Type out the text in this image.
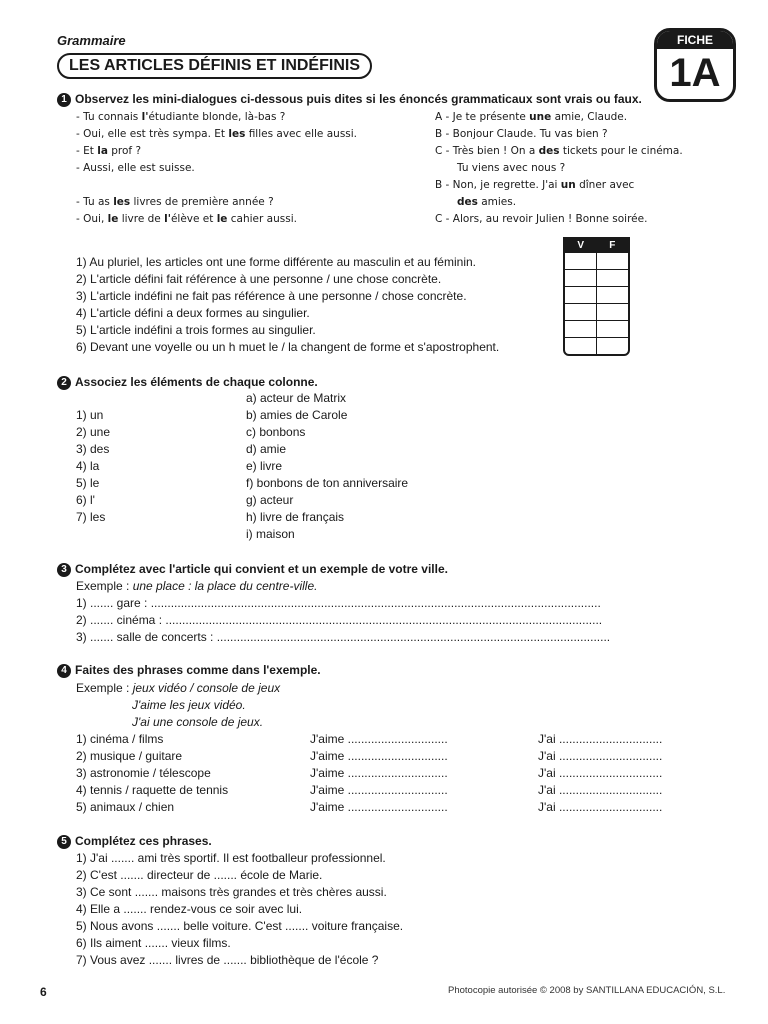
Grammaire
LES ARTICLES DÉFINIS ET INDÉFINIS
FICHE
1A
1 Observez les mini-dialogues ci-dessous puis dites si les énoncés grammaticaux sont vrais ou faux.
- Tu connais l'étudiante blonde, là-bas ?
- Oui, elle est très sympa. Et les filles avec elle aussi.
- Et la prof ?
- Aussi, elle est suisse.
- Tu as les livres de première année ?
- Oui, le livre de l'élève et le cahier aussi.
A - Je te présente une amie, Claude.
B - Bonjour Claude. Tu vas bien ?
C - Très bien ! On a des tickets pour le cinéma.
Tu viens avec nous ?
B - Non, je regrette. J'ai un dîner avec
des amies.
C - Alors, au revoir Julien ! Bonne soirée.
1) Au pluriel, les articles ont une forme différente au masculin et au féminin.
2) L'article défini fait référence à une personne / une chose concrète.
3) L'article indéfini ne fait pas référence à une personne / chose concrète.
4) L'article défini a deux formes au singulier.
5) L'article indéfini a trois formes au singulier.
6) Devant une voyelle ou un h muet le / la changent de forme et s'apostrophent.
V	F
2 Associez les éléments de chaque colonne.
1) un
2) une
3) des
4) la
5) le
6) l'
7) les
a) acteur de Matrix
b) amies de Carole
c) bonbons
d) amie
e) livre
f) bonbons de ton anniversaire
g) acteur
h) livre de français
i) maison
3 Complétez avec l'article qui convient et un exemple de votre ville.
Exemple : une place : la place du centre-ville.
1) ....... gare : .......................................................................................................................................
2) ....... cinéma : ...................................................................................................................................
3) ....... salle de concerts : ......................................................................................................................
4 Faites des phrases comme dans l'exemple.
Exemple : jeux vidéo / console de jeux
J'aime les jeux vidéo.
J'ai une console de jeux.
1) cinéma / films
2) musique / guitare
3) astronomie / télescope
4) tennis / raquette de tennis
5) animaux / chien
J'aime ..............................
J'aime ..............................
J'aime ..............................
J'aime ..............................
J'aime ..............................
J'ai ...............................
J'ai ...............................
J'ai ...............................
J'ai ...............................
J'ai ...............................
5 Complétez ces phrases.
1) J'ai ....... ami très sportif. Il est footballeur professionnel.
2) C'est ....... directeur de ....... école de Marie.
3) Ce sont ....... maisons très grandes et très chères aussi.
4) Elle a ....... rendez-vous ce soir avec lui.
5) Nous avons ....... belle voiture. C'est ....... voiture française.
6) Ils aiment ....... vieux films.
7) Vous avez ....... livres de ....... bibliothèque de l'école ?
6	Photocopie autorisée © 2008 by SANTILLANA EDUCACIÓN, S.L.
